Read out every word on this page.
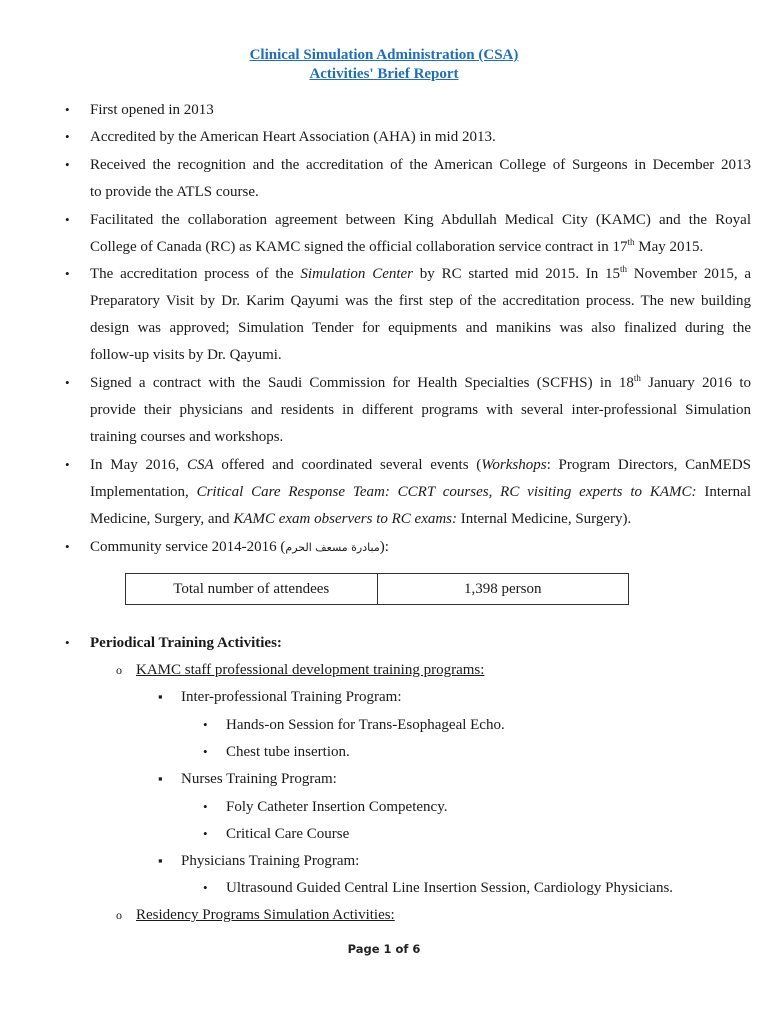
Clinical Simulation Administration (CSA)
Activities' Brief Report
• First opened in 2013
• Accredited by the American Heart Association (AHA) in mid 2013.
• Received the recognition and the accreditation of the American College of Surgeons in December 2013
to provide the ATLS course.
• Facilitated the collaboration agreement between King Abdullah Medical City (KAMC) and the Royal
College of Canada (RC) as KAMC signed the official collaboration service contract in 17th May 2015.
• The accreditation process of the Simulation Center by RC started mid 2015. In 15th November 2015, a
Preparatory Visit by Dr. Karim Qayumi was the first step of the accreditation process. The new building
design was approved; Simulation Tender for equipments and manikins was also finalized during the
follow-up visits by Dr. Qayumi.
• Signed a contract with the Saudi Commission for Health Specialties (SCFHS) in 18th January 2016 to
provide their physicians and residents in different programs with several inter-professional Simulation
training courses and workshops.
• In May 2016, CSA offered and coordinated several events (Workshops: Program Directors, CanMEDS
Implementation, Critical Care Response Team: CCRT courses, RC visiting experts to KAMC: Internal
Medicine, Surgery, and KAMC exam observers to RC exams: Internal Medicine, Surgery).
• Community service 2014-2016 (مبادرة مسعف الحرم):
Total number of attendees	1,398 person
• Periodical Training Activities:
o KAMC staff professional development training programs:
▪ Inter-professional Training Program:
• Hands-on Session for Trans-Esophageal Echo.
• Chest tube insertion.
▪ Nurses Training Program:
• Foly Catheter Insertion Competency.
• Critical Care Course
▪ Physicians Training Program:
• Ultrasound Guided Central Line Insertion Session, Cardiology Physicians.
o Residency Programs Simulation Activities:
Page 1 of 6
